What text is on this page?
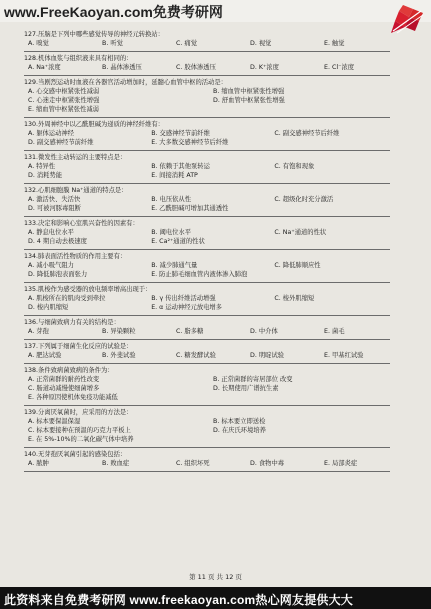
www.FreeKaoyan.com免费考研网
127.压脑是下列中哪些感觉传导的神经元转换站：
A. 嗅觉	B. 听觉	C. 痛觉	D. 视觉	E. 触觉
128.机体血浆与组织液来具有相同的：
A. Na⁺浓度	B. 晶体渗透压	C. 胶体渗透压	D. K⁺浓度	E. Cl⁻浓度
129.当剧烈运动时血液在各器官活动增加时，延髓心血管中枢的活动是：
A. 心交感中枢紧张性减弱	B. 缩血管中枢紧张性增强
C. 心迷走中枢紧张性增强	D. 舒血管中枢紧张性增强
E. 缩血管中枢紧张性减弱
130.外周神经中以乙酰胆碱为递质的神经纤维有：
A. 躯体运动神经	B. 交感神经节前纤维	C. 副交感神经节后纤维
D. 副交感神经节前纤维	E. 大多数交感神经节后纤维
131.微发性主动转运的主要特点是：
A. 特异性	B. 依赖于其他泵转运	C. 有饱和现象
D. 消耗势能	E. 间接消耗 ATP
132.心肌细胞膜 Na⁺通道的特点是：
A. 激活快、失活快	B. 电压依从性	C. 超级化时充分激活
D. 可被河豚毒阻断	E. 乙酰胆碱可增加其通透性
133.决定和影响心室肌兴奋性的因素有：
A. 静息电位水平	B. 阈电位水平	C. Na⁺通道的性状
D. 4 期自动去极速度	E. Ca²⁺通道的性状
134.肺表面活性物质的作用主要有：
A. 减小吸气阻力	B. 减少肺通气量	C. 降低肺顺应性
D. 降低肺泡表面张力	E. 防止肺毛细血管内液体渗入肺泡
135.肌梭作为感受器的放电频率增高出现于：
A. 肌梭所在的肌肉受到牵拉	B. γ 传出纤维活动增强	C. 梭外肌缩短
D. 梭内肌缩短	E. α 运动神经元放电增多
136.与细菌致病力有关的结构是：
A. 芽孢	B. 异染颗粒	C. 脂多糖	D. 中介体	E. 菌毛
137.下列属于细菌生化反应的试验是：
A. 肥达试验	B. 外斐试验	C. 糖发酵试验	D. 明啶试验	E. 甲基红试验
138.条件致病菌致病的条件为：
A. 正常菌群的耐药性改变	B. 正常菌群的寄居部位 改变
C. 肠道动减慢使细菌增多	D. 长期使用广谱抗生素
E. 各种原因使机体免疫功能减低
139.分离厌氧菌时，应采用的方法是：
A. 标本要保温保湿	B. 标本要立即送检
C. 标本要接种在预温的巧克力平板上	D. 在庆氏环境培养
E. 在 5%-10%的二氧化碳气体中培养
140.无芽孢厌氧菌引起的感染包括：
A. 脓肿	B. 败血症	C. 组织坏死	D. 食物中毒	E. 局部炎症
第 11 页 共 12 页
此资料来自免费考研网 www.freekaoyan.com热心网友提供大大
